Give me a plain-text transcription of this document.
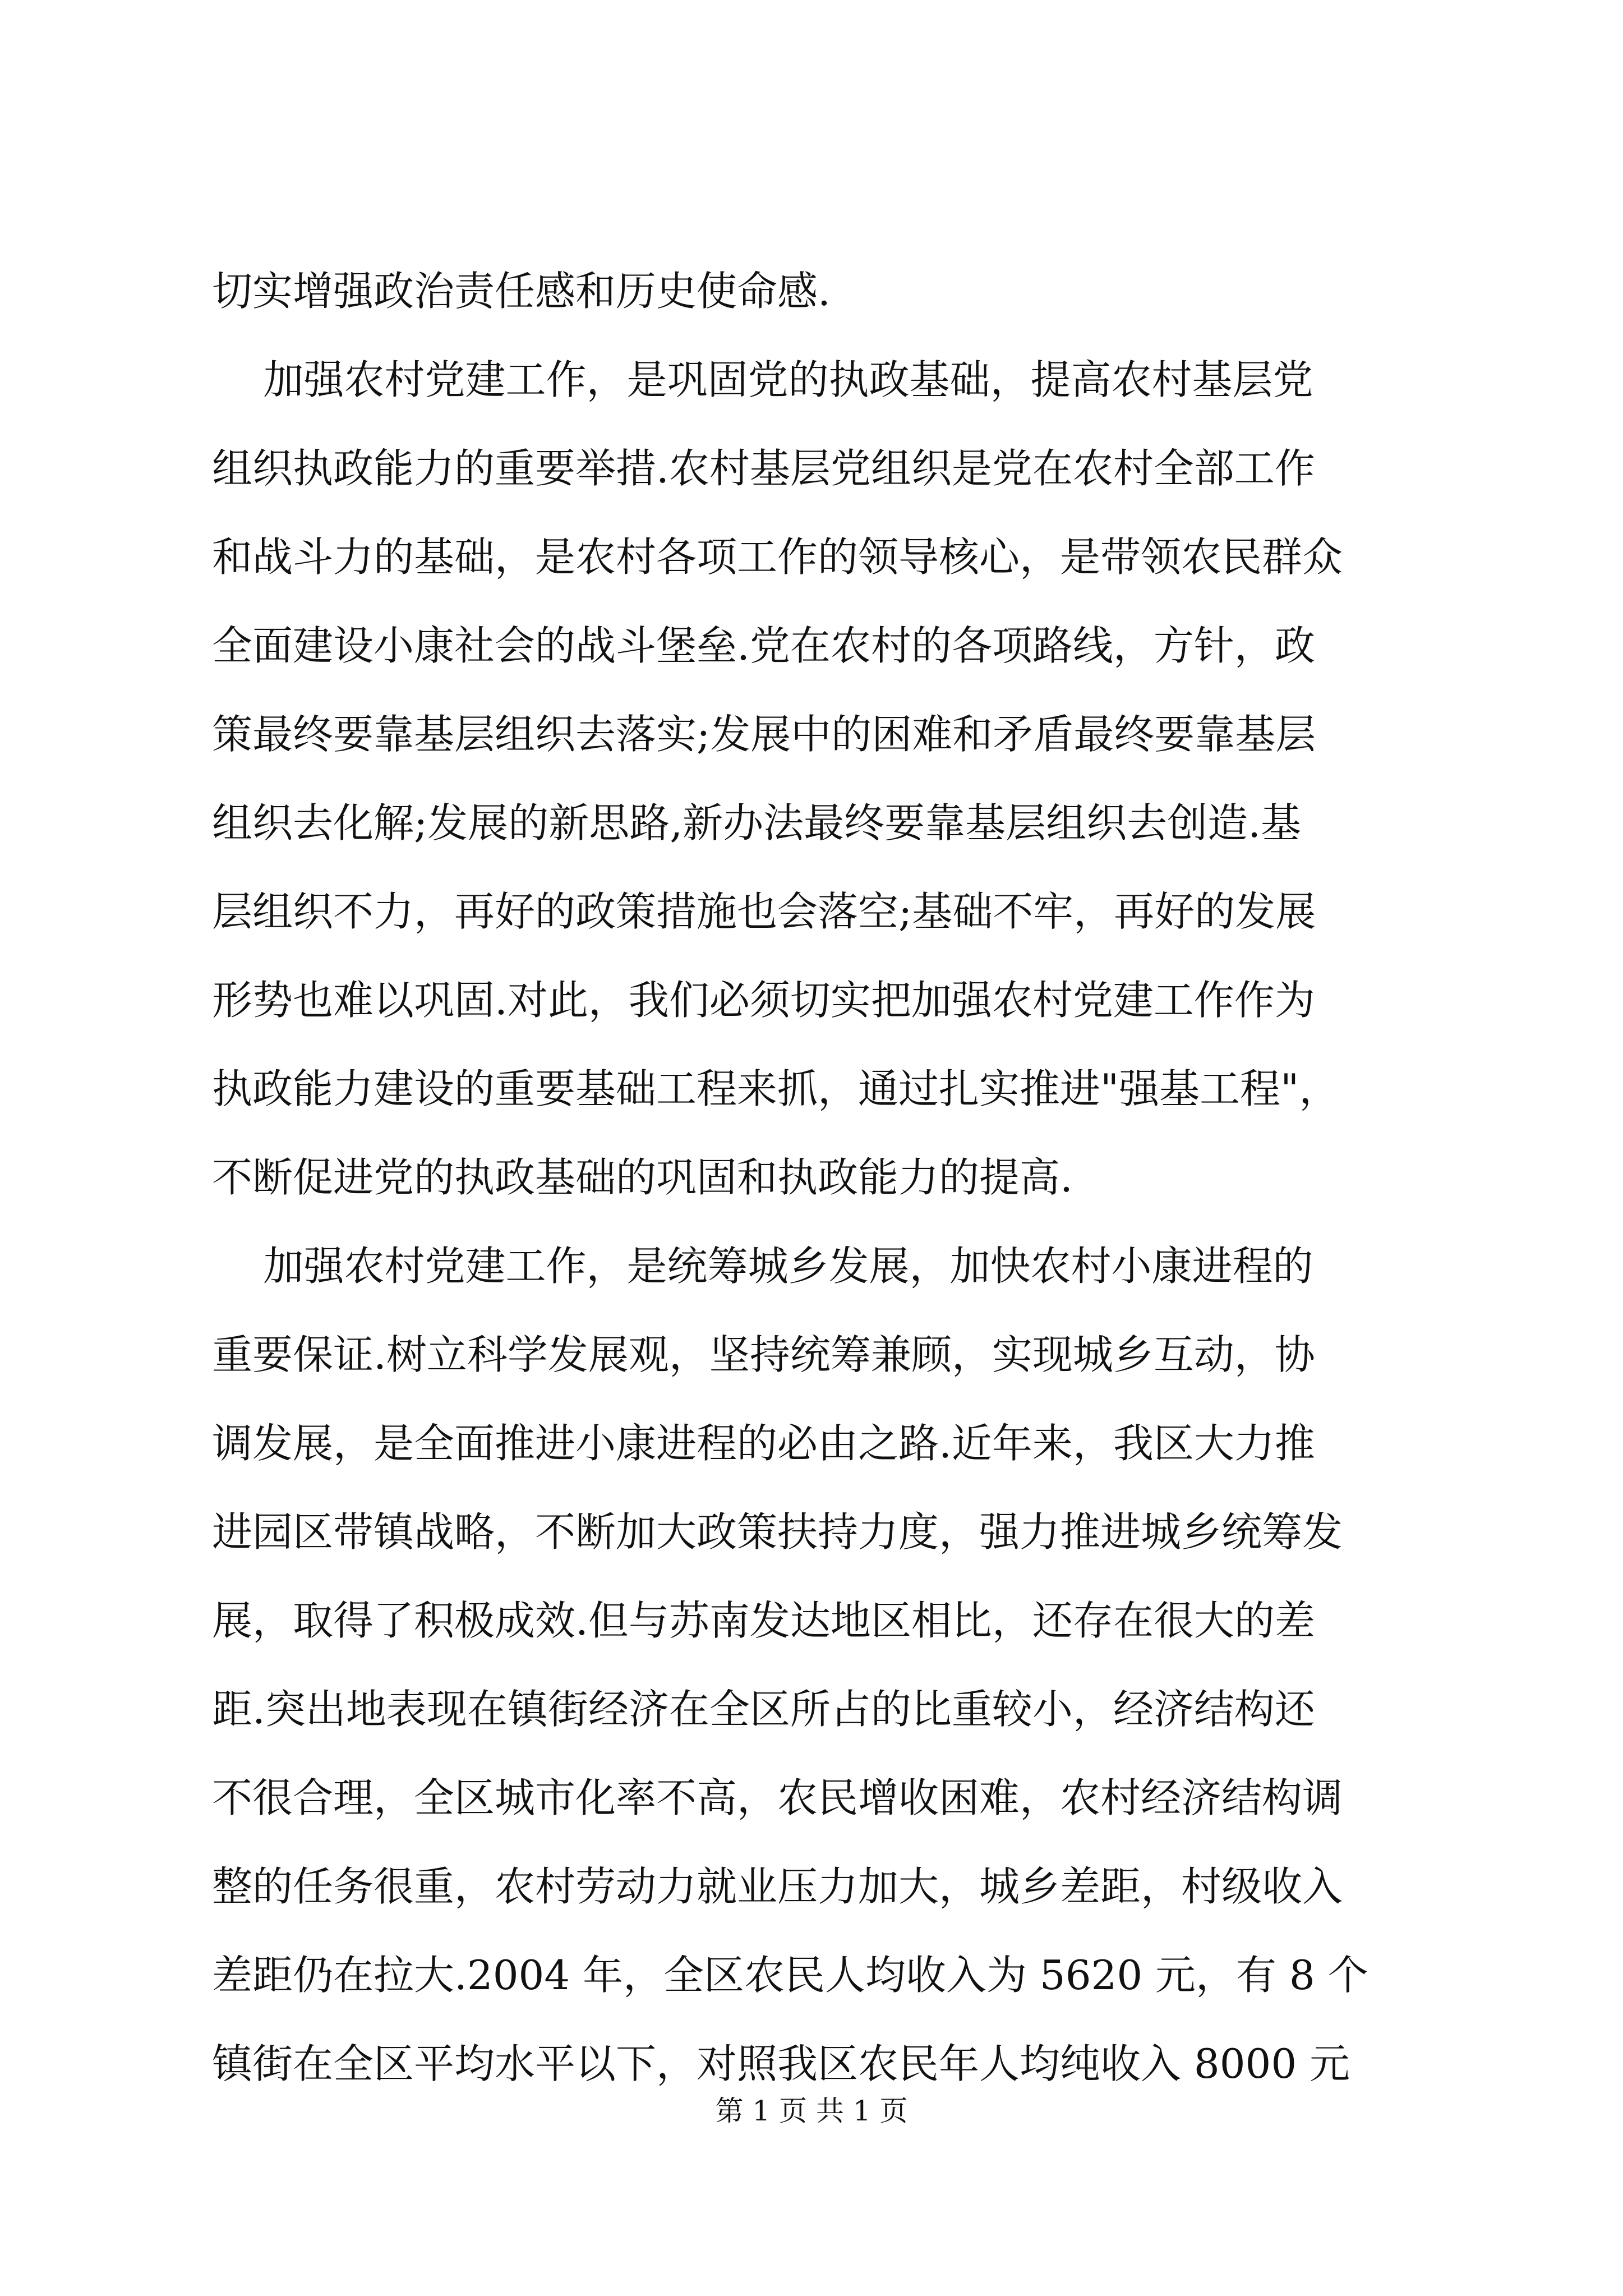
切实增强政治责任感和历史使命感.
加强农村党建工作，是巩固党的执政基础，提高农村基层党
组织执政能力的重要举措.农村基层党组织是党在农村全部工作
和战斗力的基础，是农村各项工作的领导核心，是带领农民群众
全面建设小康社会的战斗堡垒.党在农村的各项路线，方针，政
策最终要靠基层组织去落实;发展中的困难和矛盾最终要靠基层
组织去化解;发展的新思路,新办法最终要靠基层组织去创造.基
层组织不力，再好的政策措施也会落空;基础不牢，再好的发展
形势也难以巩固.对此，我们必须切实把加强农村党建工作作为
执政能力建设的重要基础工程来抓，通过扎实推进"强基工程"，
不断促进党的执政基础的巩固和执政能力的提高.
加强农村党建工作，是统筹城乡发展，加快农村小康进程的
重要保证.树立科学发展观，坚持统筹兼顾，实现城乡互动，协
调发展，是全面推进小康进程的必由之路.近年来，我区大力推
进园区带镇战略，不断加大政策扶持力度，强力推进城乡统筹发
展，取得了积极成效.但与苏南发达地区相比，还存在很大的差
距.突出地表现在镇街经济在全区所占的比重较小，经济结构还
不很合理，全区城市化率不高，农民增收困难，农村经济结构调
整的任务很重，农村劳动力就业压力加大，城乡差距，村级收入
差距仍在拉大.2004 年，全区农民人均收入为 5620 元，有 8 个
镇街在全区平均水平以下，对照我区农民年人均纯收入 8000 元
第 1 页 共 1 页
